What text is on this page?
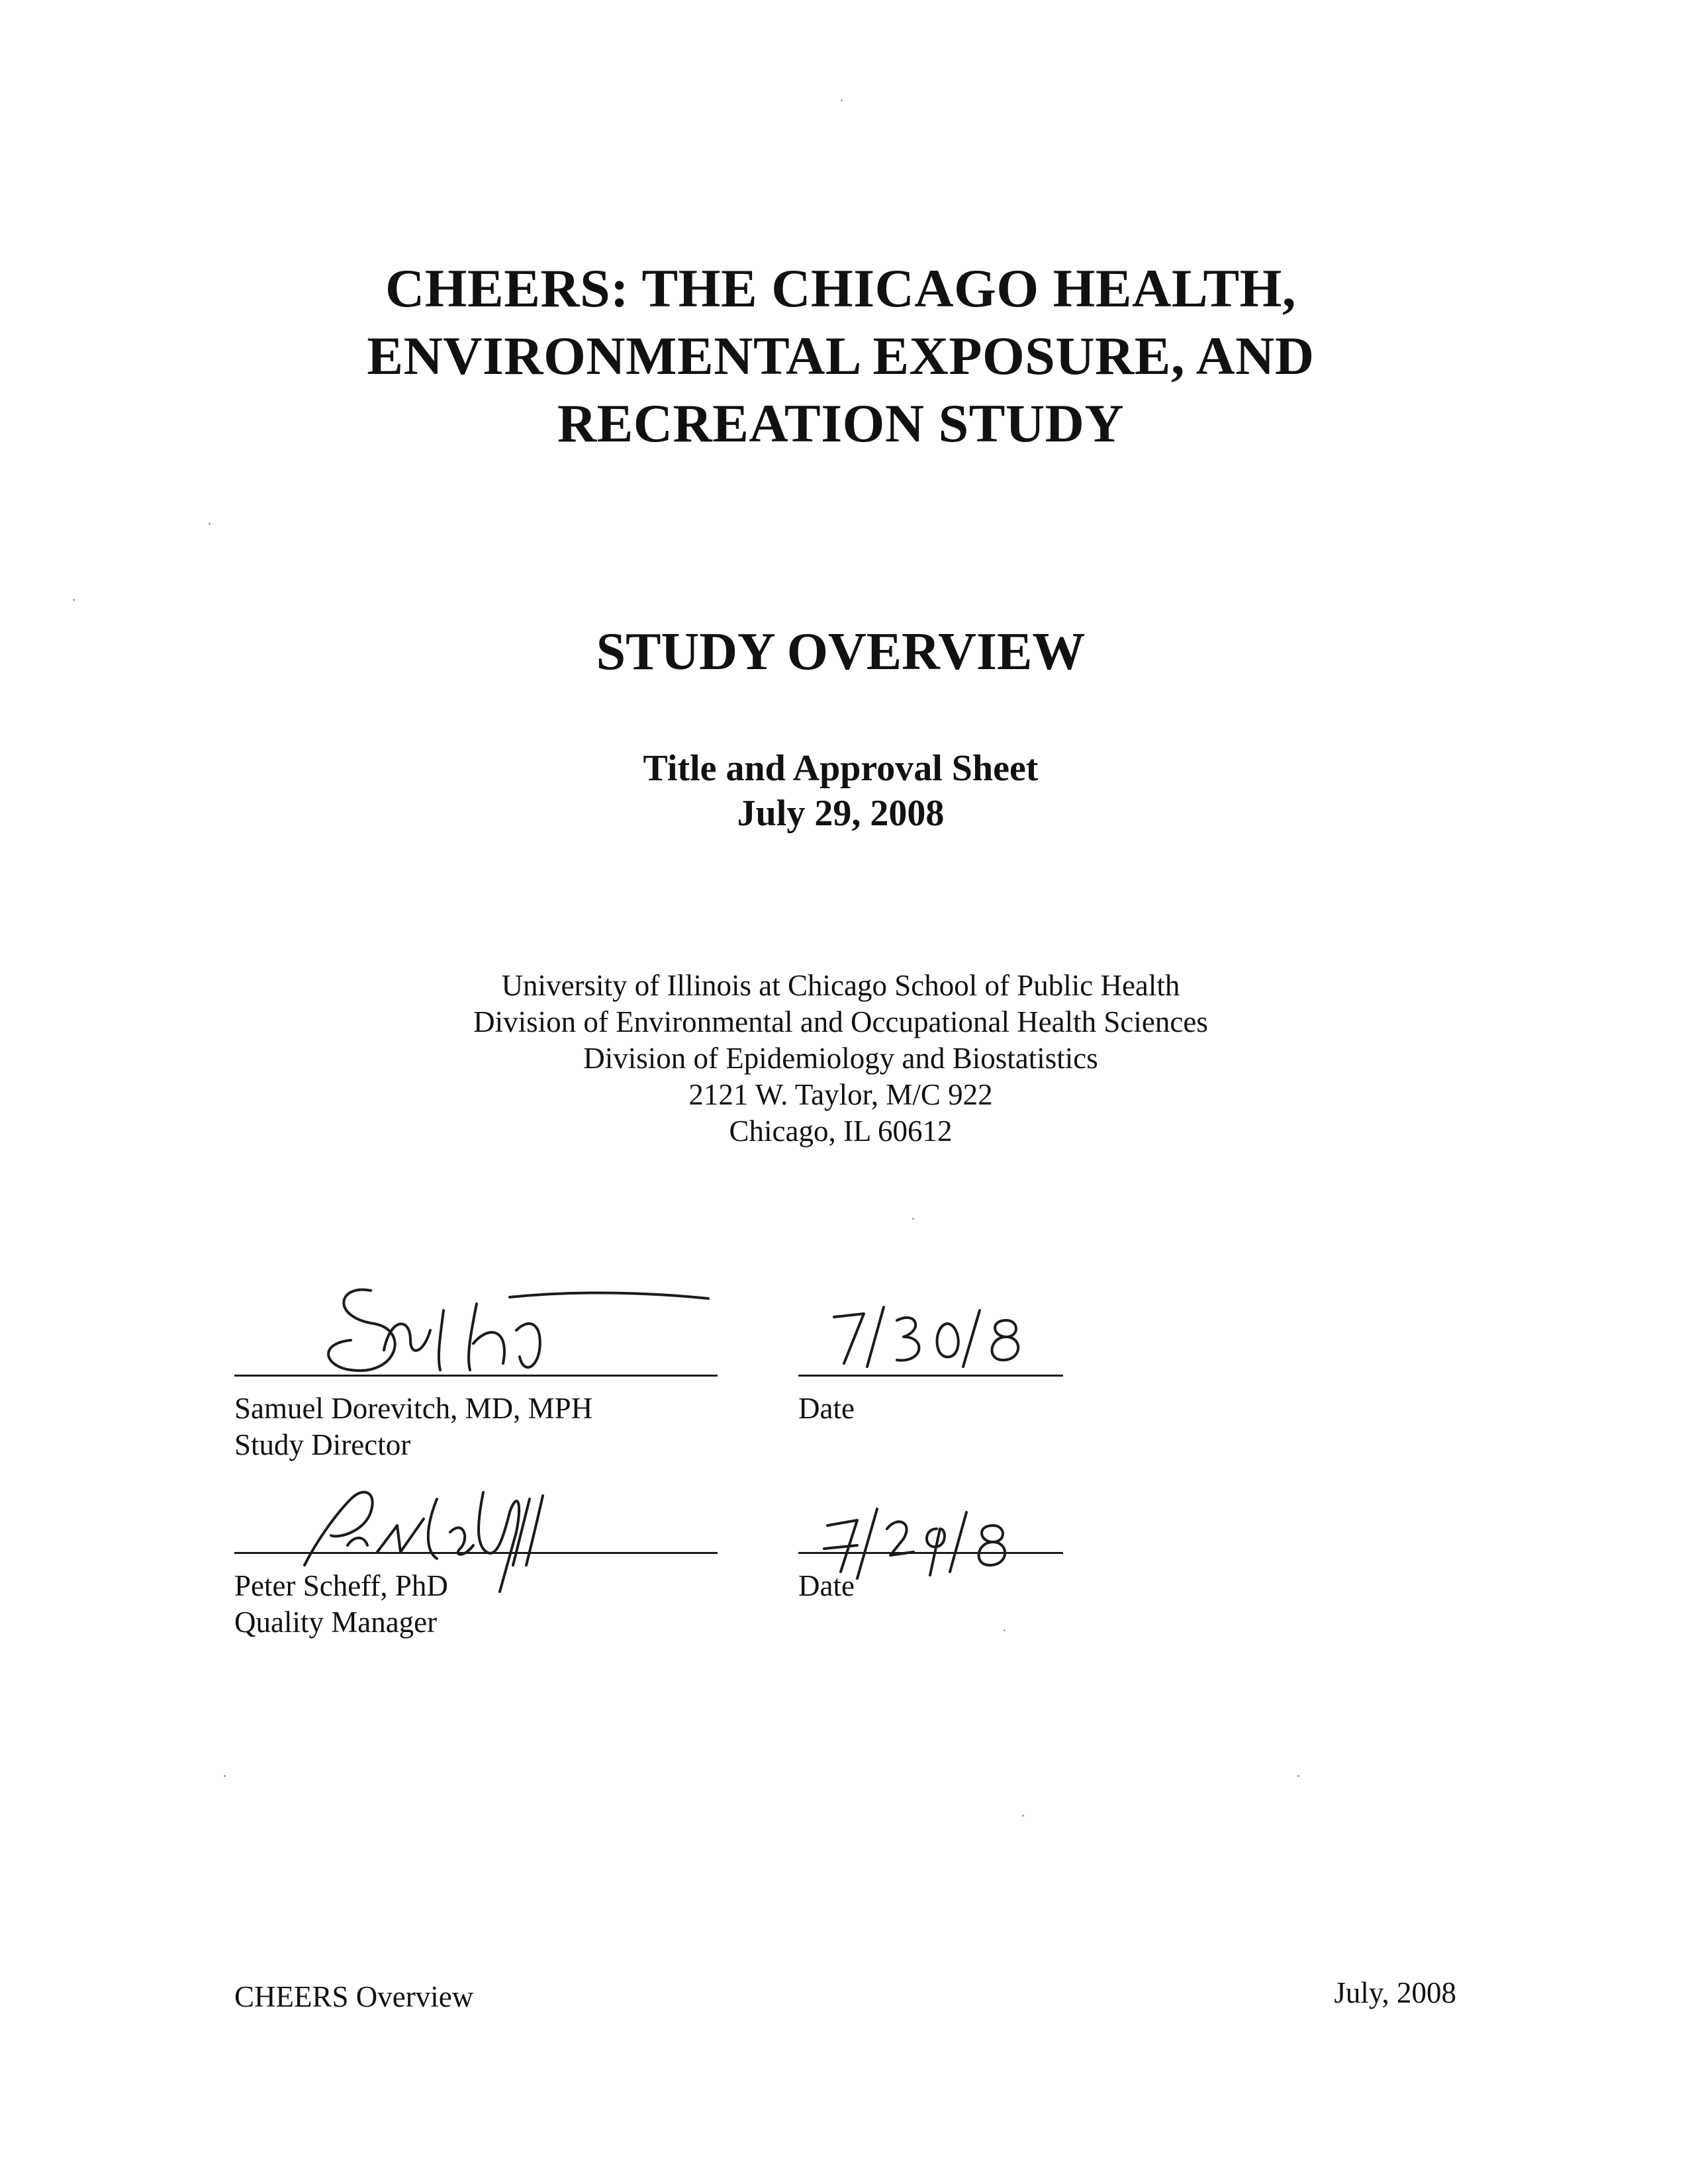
CHEERS: THE CHICAGO HEALTH,
ENVIRONMENTAL EXPOSURE, AND
RECREATION STUDY
STUDY OVERVIEW
Title and Approval Sheet
July 29, 2008
University of Illinois at Chicago School of Public Health
Division of Environmental and Occupational Health Sciences
Division of Epidemiology and Biostatistics
2121 W. Taylor, M/C 922
Chicago, IL 60612
Samuel Dorevitch, MD, MPH
Study Director
Date
Peter Scheff, PhD
Quality Manager
Date
CHEERS Overview	July, 2008
